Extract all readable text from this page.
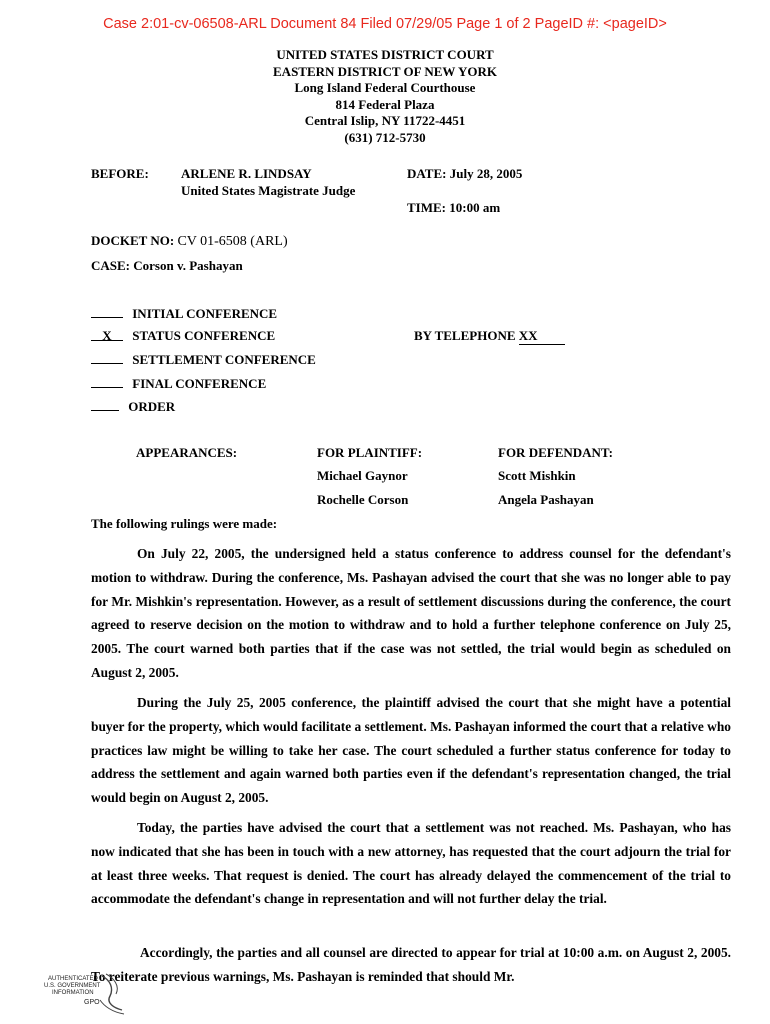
Case 2:01-cv-06508-ARL Document 84 Filed 07/29/05 Page 1 of 2 PageID #: <pageID>
UNITED STATES DISTRICT COURT
EASTERN DISTRICT OF NEW YORK
Long Island Federal Courthouse
814 Federal Plaza
Central Islip, NY 11722-4451
(631) 712-5730
BEFORE: ARLENE R. LINDSAY
United States Magistrate Judge
DATE: July 28, 2005
TIME: 10:00 am
DOCKET NO: CV 01-6508 (ARL)
CASE: Corson v. Pashayan
INITIAL CONFERENCE
X STATUS CONFERENCE
SETTLEMENT CONFERENCE
FINAL CONFERENCE
ORDER
BY TELEPHONE XX
APPEARANCES:	FOR PLAINTIFF:
Michael Gaynor
Rochelle Corson
FOR DEFENDANT:
Scott Mishkin
Angela Pashayan
The following rulings were made:

On July 22, 2005, the undersigned held a status conference to address counsel for the defendant's motion to withdraw. During the conference, Ms. Pashayan advised the court that she was no longer able to pay for Mr. Mishkin's representation. However, as a result of settlement discussions during the conference, the court agreed to reserve decision on the motion to withdraw and to hold a further telephone conference on July 25, 2005. The court warned both parties that if the case was not settled, the trial would begin as scheduled on August 2, 2005.

During the July 25, 2005 conference, the plaintiff advised the court that she might have a potential buyer for the property, which would facilitate a settlement. Ms. Pashayan informed the court that a relative who practices law might be willing to take her case. The court scheduled a further status conference for today to address the settlement and again warned both parties even if the defendant's representation changed, the trial would begin on August 2, 2005.

Today, the parties have advised the court that a settlement was not reached. Ms. Pashayan, who has now indicated that she has been in touch with a new attorney, has requested that the court adjourn the trial for at least three weeks. That request is denied. The court has already delayed the commencement of the trial to accommodate the defendant's change in representation and will not further delay the trial.

Accordingly, the parties and all counsel are directed to appear for trial at 10:00 a.m. on August 2, 2005. To reiterate previous warnings, Ms. Pashayan is reminded that should Mr.

AUTHENTICATED
U.S. GOVERNMENT
INFORMATION
GPO
